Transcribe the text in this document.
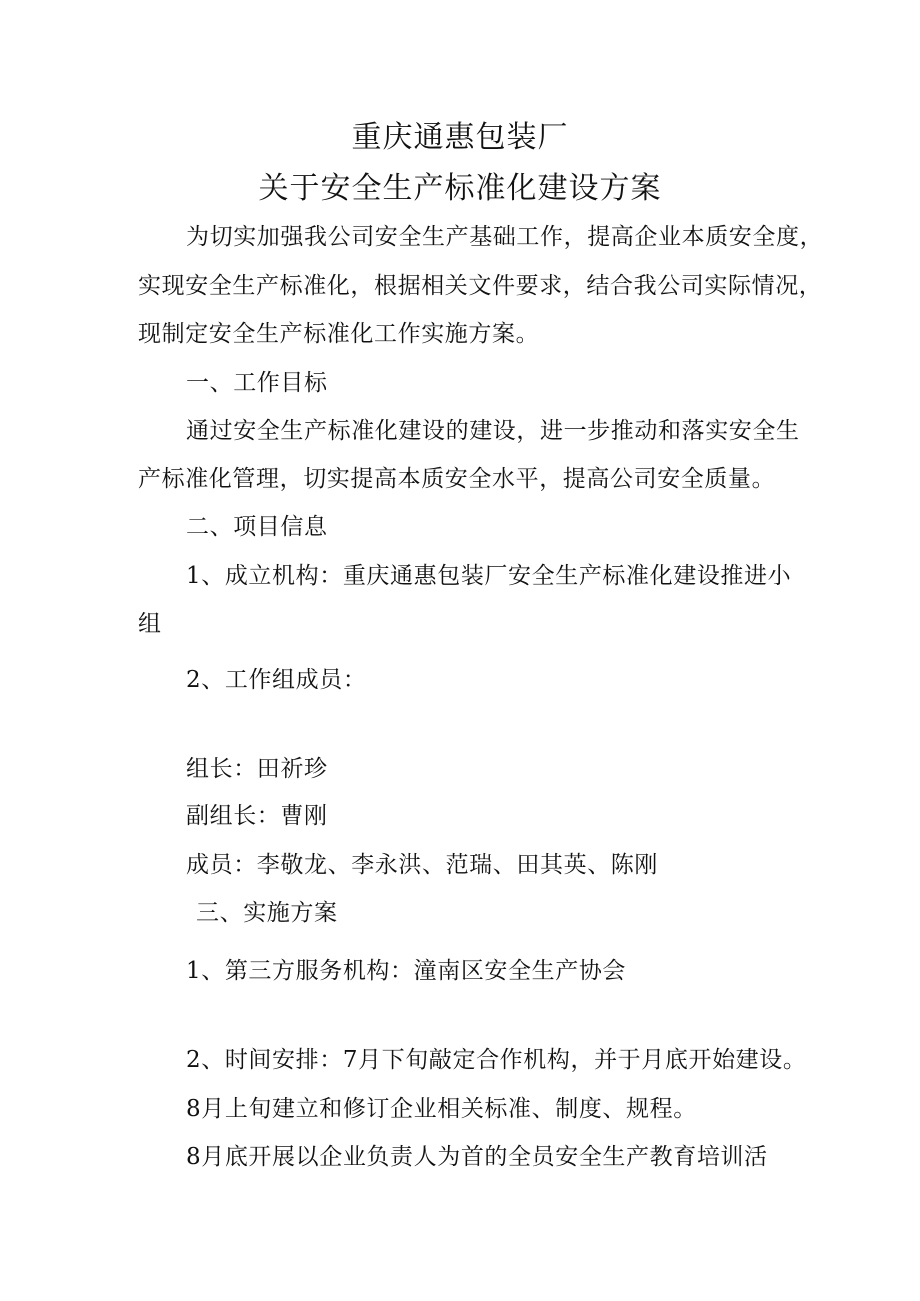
重庆通惠包装厂
关于安全生产标准化建设方案
为切实加强我公司安全生产基础工作，提高企业本质安全度，
实现安全生产标准化，根据相关文件要求，结合我公司实际情况，
现制定安全生产标准化工作实施方案。
一、工作目标
通过安全生产标准化建设的建设，进一步推动和落实安全生
产标准化管理，切实提高本质安全水平，提高公司安全质量。
二、项目信息
1、成立机构：重庆通惠包装厂安全生产标准化建设推进小
组
2、工作组成员：
组长：田祈珍
副组长：曹刚
成员：李敬龙、李永洪、范瑞、田其英、陈刚
三、实施方案
1、第三方服务机构：潼南区安全生产协会
2、时间安排：7月下旬敲定合作机构，并于月底开始建设。
8月上旬建立和修订企业相关标准、制度、规程。
8月底开展以企业负责人为首的全员安全生产教育培训活
